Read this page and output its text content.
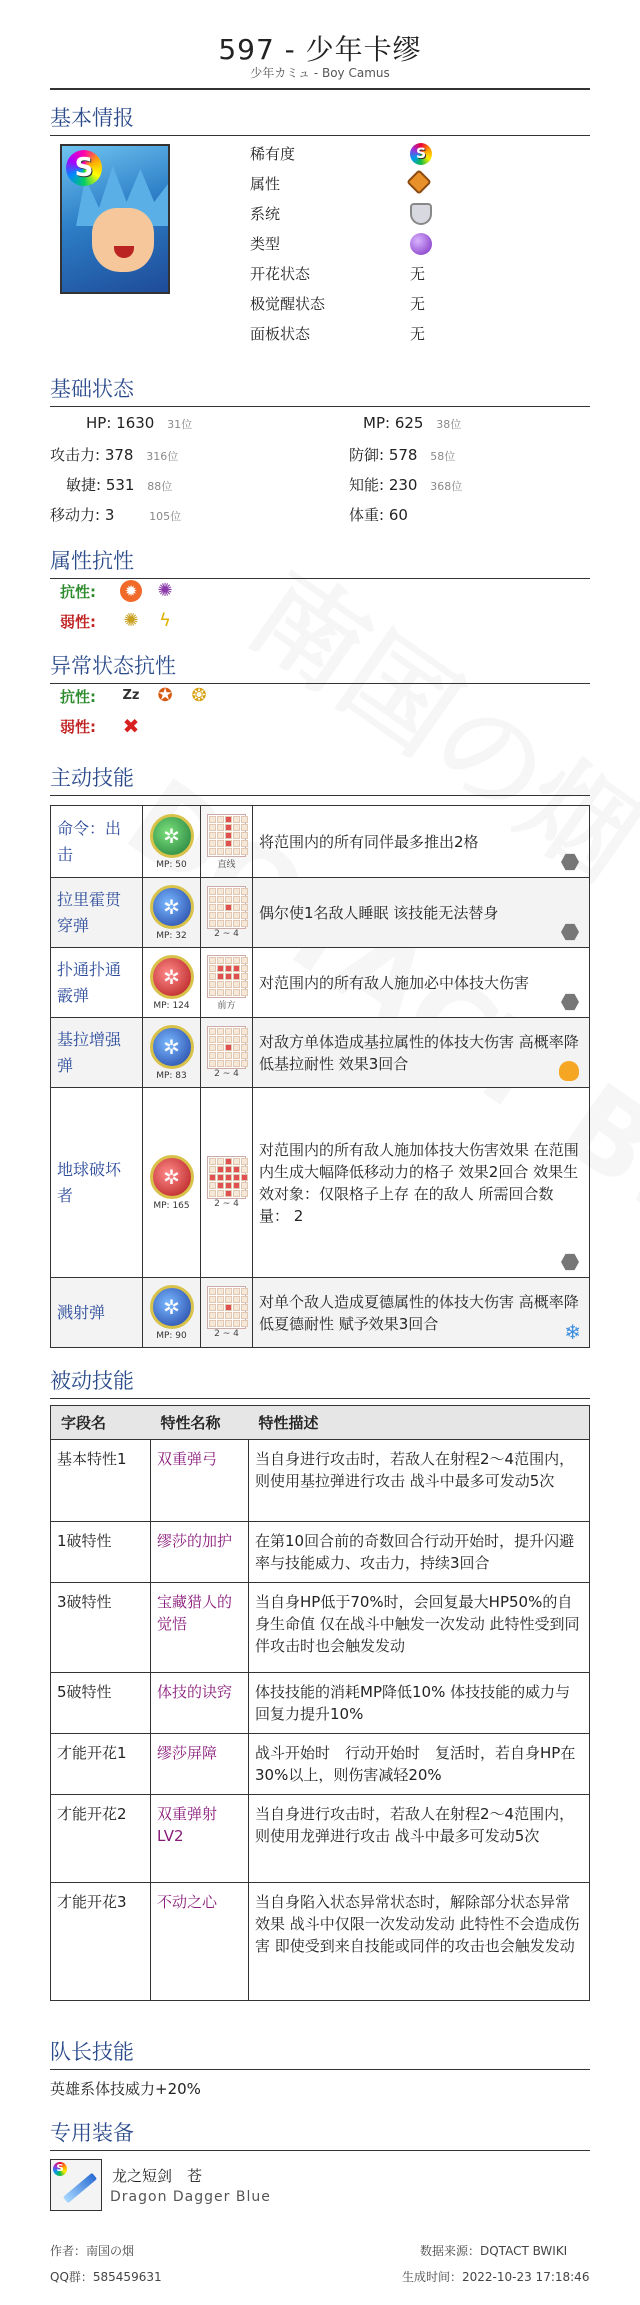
597 - 少年卡缪
少年カミュ - Boy Camus
基本情报
S	稀有度	S
属性
系统
类型
开花状态	无
极觉醒状态	无
面板状态	无
基础状态
HP: 1630 31位	MP: 625 38位
攻击力: 378 316位	防御: 578 58位
敏捷: 531 88位	知能: 230 368位
移动力: 3	105位	体重: 60
属性抗性
抗性:	✹ ✺
弱性: ✺ ϟ
异常状态抗性
抗性: Zz ✪ ❂
弱性: ✖
主动技能
命令：出击	
✲
MP: 50	直线	将范围内的所有同伴最多推出2格

拉里霍贯穿弹	
✲
MP: 32	2 ~ 4	偶尔使1名敌人睡眠 该技能无法替身

扑通扑通霰弹	
✲
MP: 124	前方	对范围内的所有敌人施加必中体技大伤害

基拉增强弹	
✲
MP: 83	2 ~ 4	对敌方单体造成基拉属性的体技大伤害 高概率降低基拉耐性 效果3回合

地球破坏者	
✲
MP: 165	2 ~ 4	对范围内的所有敌人施加体技大伤害效果 在范围内生成大幅降低移动力的格子 效果2回合 效果生效对象：仅限格子上存 在的敌人 所需回合数量： 2

溅射弹	
✲
MP: 90	2 ~ 4	对单个敌人造成夏德属性的体技大伤害 高概率降低夏德耐性 赋予效果3回合 ❄
被动技能
字段名	特性名称	特性描述
基本特性1	双重弹弓	当自身进行攻击时，若敌人在射程2～4范围内，则使用基拉弹进行攻击 战斗中最多可发动5次
1破特性	缪莎的加护	在第10回合前的奇数回合行动开始时，提升闪避率与技能威力、攻击力，持续3回合
3破特性	宝藏猎人的觉悟	当自身HP低于70%时，会回复最大HP50%的自身生命值 仅在战斗中触发一次发动 此特性受到同伴攻击时也会触发发动
5破特性	体技的诀窍	体技技能的消耗MP降低10% 体技技能的威力与回复力提升10%
才能开花1	缪莎屏障	战斗开始时　行动开始时　复活时，若自身HP在30%以上，则伤害减轻20%
才能开花2	双重弹射LV2	当自身进行攻击时，若敌人在射程2～4范围内，则使用龙弹进行攻击 战斗中最多可发动5次
才能开花3	不动之心	当自身陷入状态异常状态时，解除部分状态异常效果 战斗中仅限一次发动发动 此特性不会造成伤害 即使受到来自技能或同伴的攻击也会触发发动
队长技能
英雄系体技威力+20%
专用装备
S	龙之短剑　苍
Dragon Dagger Blue
作者：南国の烟
QQ群：585459631
数据来源：DQTACT BWIKI
生成时间：2022-10-23 17:18:46
